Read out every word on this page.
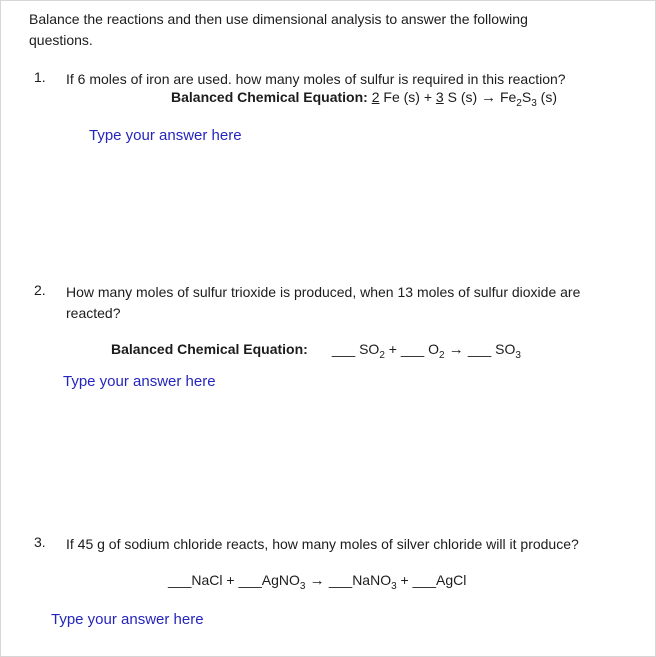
Balance the reactions and then use dimensional analysis to answer the following
questions.
1. If 6 moles of iron are used. how many moles of sulfur is required in this reaction?
Balanced Chemical Equation: 2 Fe (s) + 3 S $(s) \to Fe_2S_3$ (s)
Type your answer here
2. How many moles of sulfur trioxide is produced, when 13 moles of sulfur dioxide are
reacted?
Balanced Chemical Equation: ___ $SO_2$ + ___ $O_2$ → ___ $SO_3$
Type your answer here
3. If 45 g of sodium chloride reacts, how many moles of silver chloride will it produce?
___NaCl + ___AgNO$_3$ → ___NaNO$_3$ + ___AgCl
Type your answer here
